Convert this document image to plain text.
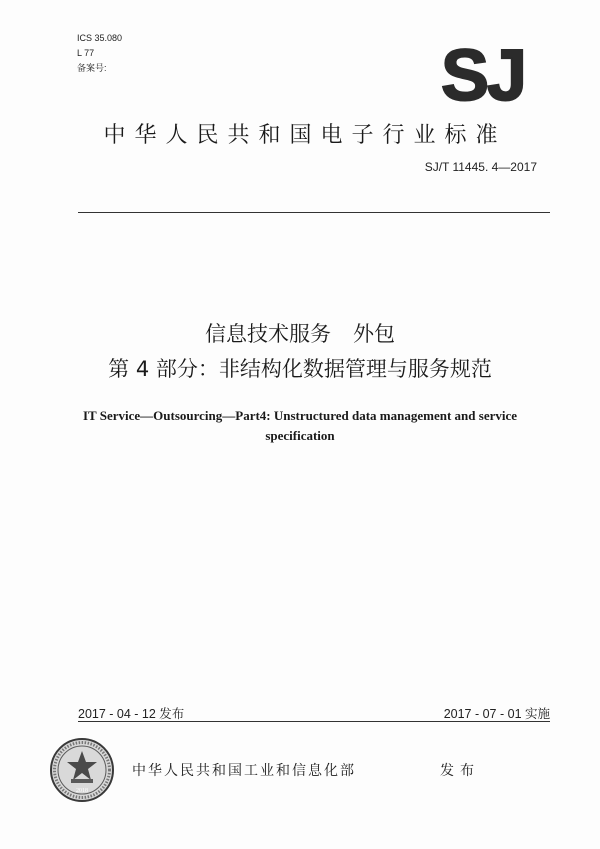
ICS 35.080
L 77
备案号:	SJ
中华人民共和国电子行业标准
SJ/T 11445. 4—2017
信息技术服务 外包
第 4 部分：非结构化数据管理与服务规范
IT Service—Outsourcing—Part4: Unstructured data management and service
specification
2017 - 04 - 12 发布	2017 - 07 - 01 实施
2018
中华人民共和国工业和信息化部	发布
